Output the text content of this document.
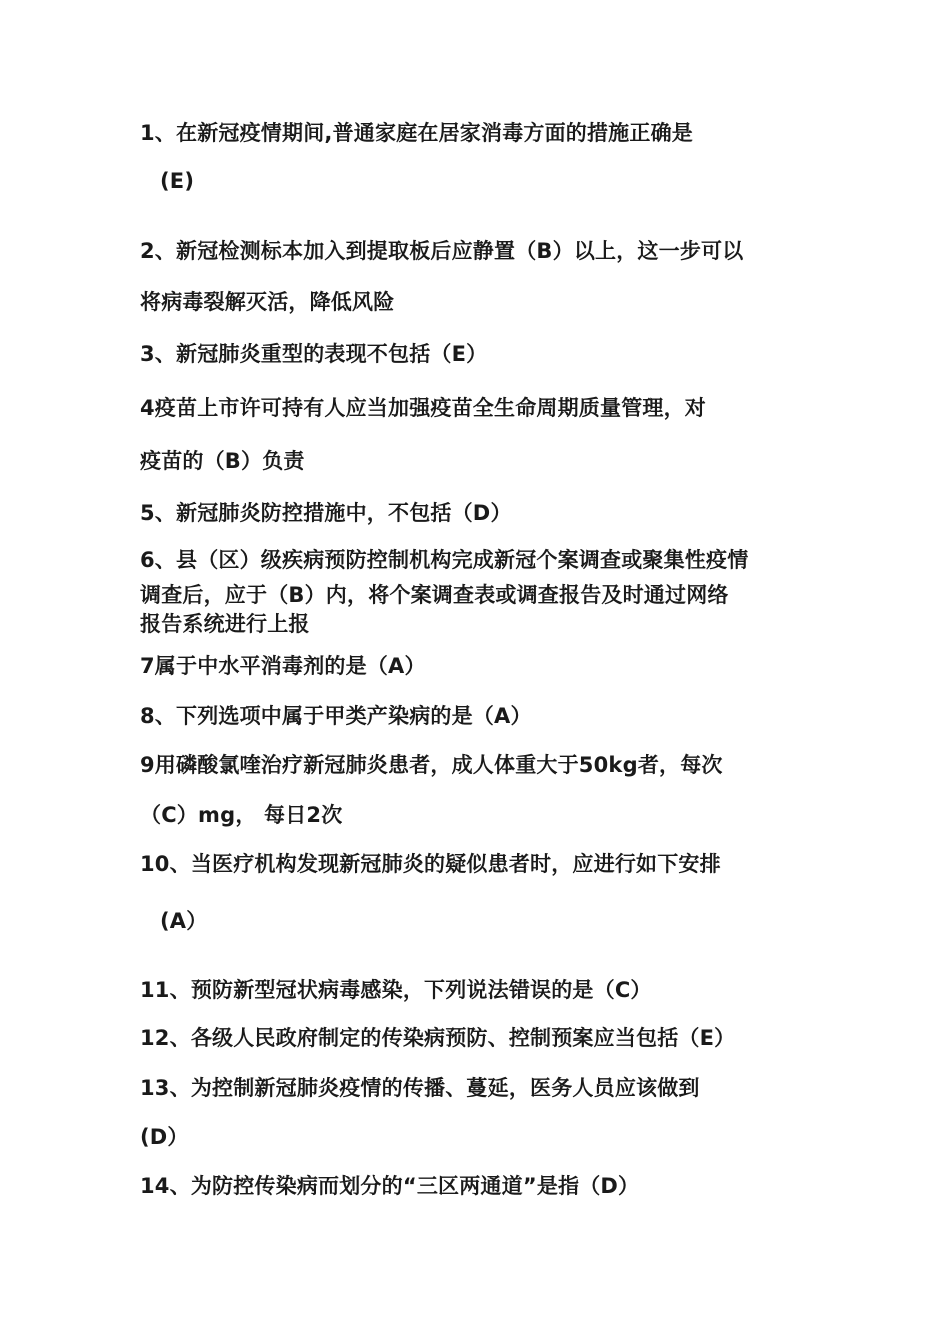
1、在新冠疫情期间,普通家庭在居家消毒方面的措施正确是
(E)
2、新冠检测标本加入到提取板后应静置（B）以上，这一步可以
将病毒裂解灭活，降低风险
3、新冠肺炎重型的表现不包括（E）
4疫苗上市许可持有人应当加强疫苗全生命周期质量管理，对
疫苗的（B）负责
5、新冠肺炎防控措施中，不包括（D）
6、县（区）级疾病预防控制机构完成新冠个案调查或聚集性疫情
调查后，应于（B）内，将个案调查表或调查报告及时通过网络
报告系统进行上报
7属于中水平消毒剂的是（A）
8、下列选项中属于甲类产染病的是（A）
9用磷酸氯喹治疗新冠肺炎患者，成人体重大于50kg者，每次
（C）mg， 每日2次
10、当医疗机构发现新冠肺炎的疑似患者时，应进行如下安排
(A）
11、预防新型冠状病毒感染，下列说法错误的是（C）
12、各级人民政府制定的传染病预防、控制预案应当包括（E）
13、为控制新冠肺炎疫情的传播、蔓延，医务人员应该做到
(D）
14、为防控传染病而划分的“三区两通道”是指（D）
